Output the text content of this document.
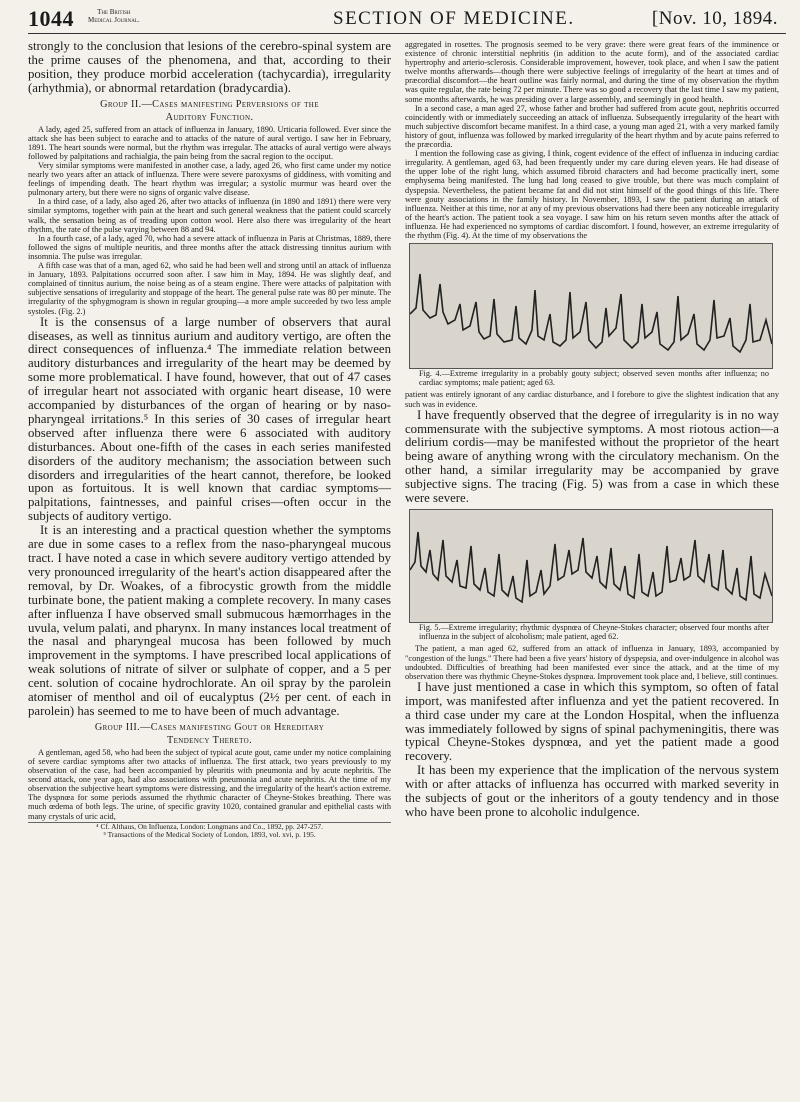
1044	The British
Medical Journal.	SECTION OF MEDICINE.	[Nov. 10, 1894.

strongly to the conclusion that lesions of the cerebro-spinal system are the prime causes of the phenomena, and that, according to their position, they produce morbid acceleration (tachycardia), irregularity (arhythmia), or abnormal retardation (bradycardia).

Group II.—Cases manifesting Perversions of the
Auditory Function.

A lady, aged 25, suffered from an attack of influenza in January, 1890. Urticaria followed. Ever since the attack she has been subject to earache and to attacks of the nature of aural vertigo. I saw her in February, 1891. The heart sounds were normal, but the rhythm was irregular. The attacks of aural vertigo were always followed by palpitations and rachialgia, the pain being from the sacral region to the occiput.

Very similar symptoms were manifested in another case, a lady, aged 26, who first came under my notice nearly two years after an attack of influenza. There were severe paroxysms of giddiness, with vomiting and feelings of impending death. The heart rhythm was irregular; a systolic murmur was heard over the pulmonary artery, but there were no signs of organic valve disease.

In a third case, of a lady, also aged 26, after two attacks of influenza (in 1890 and 1891) there were very similar symptoms, together with pain at the heart and such general weakness that the patient could scarcely walk, the sensation being as of treading upon cotton wool. Here also there was irregularity of the heart rhythm, the rate of the pulse varying between 88 and 94.

In a fourth case, of a lady, aged 70, who had a severe attack of influenza in Paris at Christmas, 1889, there followed the signs of multiple neuritis, and three months after the attack distressing tinnitus aurium with insomnia. The pulse was irregular.

A fifth case was that of a man, aged 62, who said he had been well and strong until an attack of influenza in January, 1893. Palpitations occurred soon after. I saw him in May, 1894. He was slightly deaf, and complained of tinnitus aurium, the noise being as of a steam engine. There were attacks of palpitation with subjective sensations of irregularity and stoppage of the heart. The general pulse rate was 80 per minute. The irregularity of the sphygmogram is shown in regular grouping—a more ample succeeded by two less ample systoles. (Fig. 2.)

It is the consensus of a large number of observers that aural diseases, as well as tinnitus aurium and auditory vertigo, are often the direct consequences of influenza.⁴ The immediate relation between auditory disturbances and irregularity of the heart may be deemed by some more problematical. I have found, however, that out of 47 cases of irregular heart not associated with organic heart disease, 10 were accompanied by disturbances of the organ of hearing or by naso-pharyngeal irritations.⁵ In this series of 30 cases of irregular heart observed after influenza there were 6 associated with auditory disturbances. About one-fifth of the cases in each series manifested disorders of the auditory mechanism; the association between such disorders and irregularities of the heart cannot, therefore, be looked upon as fortuitous. It is well known that cardiac symptoms—palpitations, faintnesses, and painful crises—often occur in the subjects of auditory vertigo.

It is an interesting and a practical question whether the symptoms are due in some cases to a reflex from the naso-pharyngeal mucous tract. I have noted a case in which severe auditory vertigo attended by very pronounced irregularity of the heart's action disappeared after the removal, by Dr. Woakes, of a fibrocystic growth from the middle turbinate bone, the patient making a complete recovery. In many cases after influenza I have observed small submucous hæmorrhages in the uvula, velum palati, and pharynx. In many instances local treatment of the nasal and pharyngeal mucosa has been followed by much improvement in the symptoms. I have prescribed local applications of weak solutions of nitrate of silver or sulphate of copper, and a 5 per cent. solution of cocaine hydrochlorate. An oil spray by the parolein atomiser of menthol and oil of eucalyptus (2½ per cent. of each in parolein) has seemed to me to have been of much advantage.

Group III.—Cases manifesting Gout or Hereditary
Tendency Thereto.

A gentleman, aged 58, who had been the subject of typical acute gout, came under my notice complaining of severe cardiac symptoms after two attacks of influenza. The first attack, two years previously to my observation of the case, had been accompanied by pleuritis with pneumonia and by acute nephritis. The second attack, one year ago, had also associations with pneumonia and acute nephritis. At the time of my observation the subjective heart symptoms were distressing, and the irregularity of the heart's action extreme. The dyspnœa for some periods assumed the rhythmic character of Cheyne-Stokes breathing. There was much œdema of both legs. The urine, of specific gravity 1020, contained granular and epithelial casts with many crystals of uric acid,

⁴ Cf. Althaus, On Influenza, London: Longmans and Co., 1892, pp. 247-257.
⁵ Transactions of the Medical Society of London, 1893, vol. xvi, p. 195.

aggregated in rosettes. The prognosis seemed to be very grave: there were great fears of the imminence or existence of chronic interstitial nephritis (in addition to the acute form), and of the associated cardiac hypertrophy and arterio-sclerosis. Considerable improvement, however, took place, and when I saw the patient twelve months afterwards—though there were subjective feelings of irregularity of the heart at times and of præcordial discomfort—the heart outline was fairly normal, and during the time of my observation the rhythm was quite regular, the rate being 72 per minute. There was so good a recovery that the last time I saw my patient, some months afterwards, he was presiding over a large assembly, and seemingly in good health.

In a second case, a man aged 27, whose father and brother had suffered from acute gout, nephritis occurred coincidently with or immediately succeeding an attack of influenza. Subsequently irregularity of the heart with much subjective discomfort became manifest. In a third case, a young man aged 21, with a very marked family history of gout, influenza was followed by marked irregularity of the heart rhythm and by acute pains referred to the præcordia.

I mention the following case as giving, I think, cogent evidence of the effect of influenza in inducing cardiac irregularity. A gentleman, aged 63, had been frequently under my care during eleven years. He had disease of the upper lobe of the right lung, which assumed fibroid characters and had become practically inert, some emphysema being manifested. The lung had long ceased to give trouble, but there was much complaint of dyspepsia. Nevertheless, the patient became fat and did not stint himself of the good things of this life. There were gouty associations in the family history. In November, 1893, I saw the patient during an attack of influenza. Neither at this time, nor at any of my previous observations had there been any noticeable irregularity of the heart's action. The patient took a sea voyage. I saw him on his return seven months after the attack of influenza. He had experienced no symptoms of cardiac discomfort. I found, however, an extreme irregularity of the rhythm (Fig. 4). At the time of my observations the

Fig. 4.—Extreme irregularity in a probably gouty subject; observed seven months after influenza; no cardiac symptoms; male patient; aged 63.

patient was entirely ignorant of any cardiac disturbance, and I forebore to give the slightest indication that any such was in evidence.

I have frequently observed that the degree of irregularity is in no way commensurate with the subjective symptoms. A most riotous action—a delirium cordis—may be manifested without the proprietor of the heart being aware of anything wrong with the circulatory mechanism. On the other hand, a similar irregularity may be accompanied by grave subjective signs. The tracing (Fig. 5) was from a case in which these were severe.

Fig. 5.—Extreme irregularity; rhythmic dyspnœa of Cheyne-Stokes character; observed four months after influenza in the subject of alcoholism; male patient, aged 62.

The patient, a man aged 62, suffered from an attack of influenza in January, 1893, accompanied by "congestion of the lungs." There had been a five years' history of dyspepsia, and over-indulgence in alcohol was undoubted. Difficulties of breathing had been manifested ever since the attack, and at the time of my observation there was rhythmic Cheyne-Stokes dyspnœa. Improvement took place and, I believe, still continues.

I have just mentioned a case in which this symptom, so often of fatal import, was manifested after influenza and yet the patient recovered. In a third case under my care at the London Hospital, when the influenza was immediately followed by signs of spinal pachymeningitis, there was typical Cheyne-Stokes dyspnœa, and yet the patient made a good recovery.

It has been my experience that the implication of the nervous system with or after attacks of influenza has occurred with marked severity in the subjects of gout or the inheritors of a gouty tendency and in those who have been prone to alcoholic indulgence.
